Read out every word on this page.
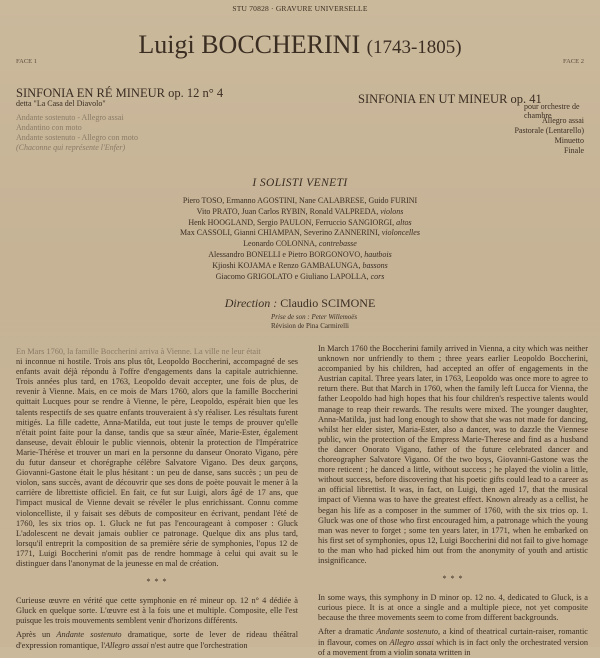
STU 70828 · GRAVURE UNIVERSELLE
Luigi BOCCHERINI (1743-1805)
FACE 1	FACE 2
SINFONIA EN RÉ MINEUR op. 12 n° 4
detta "La Casa del Diavolo"
Andante sostenuto - Allegro assai
Andantino con moto
Andante sostenuto - Allegro con moto
(Chaconne qui représente l'Enfer)
SINFONIA EN UT MINEUR op. 41
pour orchestre de chambre
Allegro assai
Pastorale (Lentarello)
Minuetto
Finale
I SOLISTI VENETI
Piero TOSO, Ermanno AGOSTINI, Nane CALABRESE, Guido FURINI
Vito PRATO, Juan Carlos RYBIN, Ronald VALPREDA, violons
Henk HOOGLAND, Sergio PAULON, Ferruccio SANGIORGI, altos
Max CASSOLI, Gianni CHIAMPAN, Severino ZANNERINI, violoncelles
Leonardo COLONNA, contrebasse
Alessandro BONELLI e Pietro BORGONOVO, hautbois
Kjioshi KOJAMA e Renzo GAMBALUNGA, bassons
Giacomo GRIGOLATO e Giuliano LAPOLLA, cors
Direction : Claudio SCIMONE
Prise de son : Peter Willemoës
Révision de Pina Carmirelli

En Mars 1760, la famille Boccherini arriva à Vienne. La ville ne leur était

ni inconnue ni hostile. Trois ans plus tôt, Leopoldo Boccherini, accompagné de ses enfants avait déjà répondu à l'offre d'engagements dans la capitale autrichienne. Trois années plus tard, en 1763, Leopoldo devait accepter, une fois de plus, de revenir à Vienne. Mais, en ce mois de Mars 1760, alors que la famille Boccherini quittait Lucques pour se rendre à Vienne, le père, Leopoldo, espérait bien que les talents respectifs de ses quatre enfants trouveraient à s'y réaliser. Les résultats furent mitigés. La fille cadette, Anna-Matilda, eut tout juste le temps de prouver qu'elle n'était point faite pour la danse, tandis que sa sœur aînée, Marie-Ester, également danseuse, devait éblouir le public viennois, obtenir la protection de l'Impératrice Marie-Thérèse et trouver un mari en la personne du danseur Onorato Vigano, père du futur danseur et chorégraphe célèbre Salvatore Vigano. Des deux garçons, Giovanni-Gastone était le plus hésitant : un peu de danse, sans succès ; un peu de violon, sans succès, avant de découvrir que ses dons de poète pouvait le mener à la carrière de librettiste officiel. En fait, ce fut sur Luigi, alors âgé de 17 ans, que l'impact musical de Vienne devait se révéler le plus enrichissant. Connu comme violoncelliste, il y faisait ses débuts de compositeur en écrivant, pendant l'été de 1760, les six trios op. 1. Gluck ne fut pas l'encourageant à composer : Gluck L'adolescent ne devait jamais oublier ce patronage. Quelque dix ans plus tard, lorsqu'il entreprit la composition de sa première série de symphonies, l'opus 12 de 1771, Luigi Boccherini n'omit pas de rendre hommage à celui qui avait su le distinguer dans l'anonymat de la jeunesse en mal de création.

* * *

Curieuse œuvre en vérité que cette symphonie en ré mineur op. 12 n° 4 dédiée à Gluck en quelque sorte. L'œuvre est à la fois une et multiple. Composite, elle l'est puisque les trois mouvements semblent venir d'horizons différents.

Après un Andante sostenuto dramatique, sorte de lever de rideau théâtral d'expression romantique, l'Allegro assai n'est autre que l'orchestration

In March 1760 the Boccherini family arrived in Vienna, a city which was neither unknown nor unfriendly to them ; three years earlier Leopoldo Boccherini, accompanied by his children, had accepted an offer of engagements in the Austrian capital. Three years later, in 1763, Leopoldo was once more to agree to return there. But that March in 1760, when the family left Lucca for Vienna, the father Leopoldo had high hopes that his four children's respective talents would manage to reap their rewards. The results were mixed. The younger daughter, Anna-Matilda, just had long enough to show that she was not made for dancing, whilst her elder sister, Maria-Ester, also a dancer, was to dazzle the Viennese public, win the protection of the Empress Marie-Therese and find as a husband the dancer Onorato Vigano, father of the future celebrated dancer and choreographer Salvatore Vigano. Of the two boys, Giovanni-Gastone was the more reticent ; he danced a little, without success ; he played the violin a little, without success, before discovering that his poetic gifts could lead to a career as an official librettist. It was, in fact, on Luigi, then aged 17, that the musical impact of Vienna was to have the greatest effect. Known already as a cellist, he began his life as a composer in the summer of 1760, with the six trios op. 1. Gluck was one of those who first encouraged him, a patronage which the young man was never to forget ; some ten years later, in 1771, when he embarked on his first set of symphonies, opus 12, Luigi Boccherini did not fail to give homage to the man who had picked him out from the anonymity of youth and artistic insignificance.

* * *

In some ways, this symphony in D minor op. 12 no. 4, dedicated to Gluck, is a curious piece. It is at once a single and a multiple piece, not yet composite because the three movements seem to come from different backgrounds.

After a dramatic Andante sostenuto, a kind of theatrical curtain-raiser, romantic in flavour, comes on Allegro assai which is in fact only the orchestrated version of a movement from a violin sonata written in
